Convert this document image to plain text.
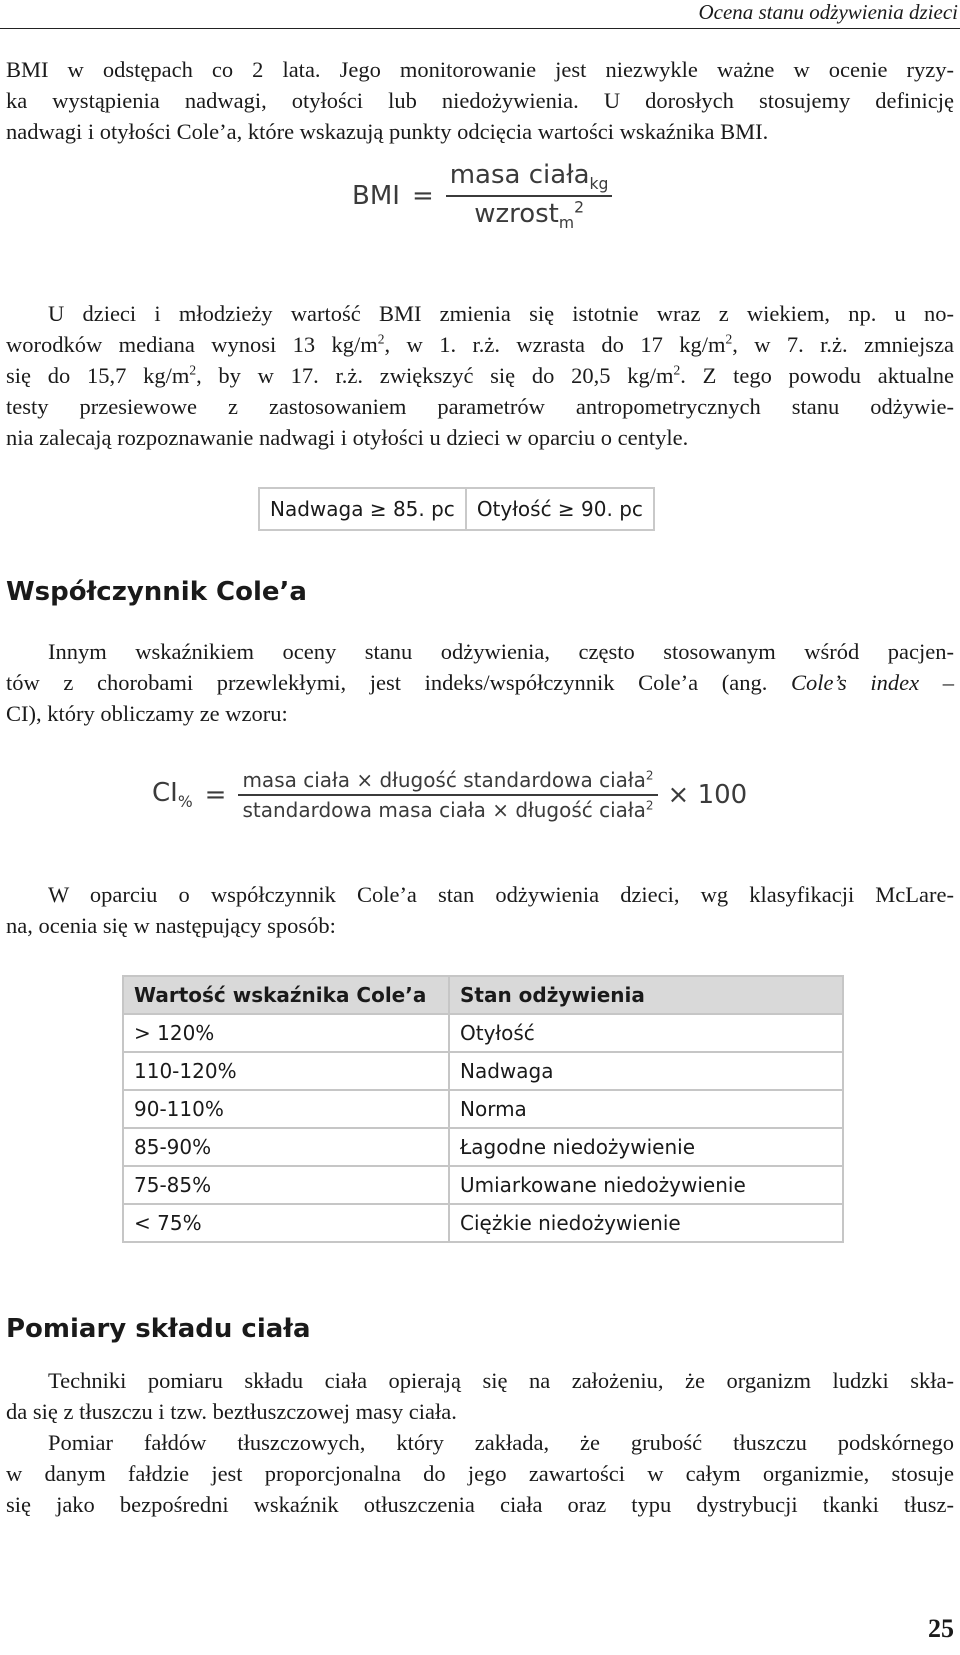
Ocena stanu odżywienia dzieci
BMI w odstępach co 2 lata. Jego monitorowanie jest niezwykle ważne w ocenie ryzy-
ka wystąpienia nadwagi, otyłości lub niedożywienia. U dorosłych stosujemy definicję
nadwagi i otyłości Cole’a, które wskazują punkty odcięcia wartości wskaźnika BMI.
BMI = $\frac{masa ciała_{kg}}{wzrost_m^2}$
U dzieci i młodzieży wartość BMI zmienia się istotnie wraz z wiekiem, np. u no-
worodków mediana wynosi 13 $kg/m^2$, w 1. r.ż. wzrasta do 17 $kg/m^2$, w 7. r.ż. zmniejsza
się do 15,7 $kg/m^2$, by w 17. r.ż. zwiększyć się do 20,5 $kg/m^2$. Z tego powodu aktualne
testy przesiewowe z zastosowaniem parametrów antropometrycznych stanu odżywie-
nia zalecają rozpoznawanie nadwagi i otyłości u dzieci w oparciu o centyle.
Nadwaga ≥ 85. pc	Otyłość ≥ 90. pc
Współczynnik Cole’a
Innym wskaźnikiem oceny stanu odżywienia, często stosowanym wśród pacjen-
tów z chorobami przewlekłymi, jest indeks/współczynnik Cole’a (ang. Cole’s index –
CI), który obliczamy ze wzoru:
$CI_{\%} = \frac{masa ciała \times długość standardowa ciała^2}{standardowa masa ciała \times długość ciała^2} \times 100$
W oparciu o współczynnik Cole’a stan odżywienia dzieci, wg klasyfikacji McLare-
na, ocenia się w następujący sposób:
Wartość wskaźnika Cole’a	Stan odżywienia
> 120%	Otyłość
110-120%	Nadwaga
90-110%	Norma
85-90%	Łagodne niedożywienie
75-85%	Umiarkowane niedożywienie
< 75%	Ciężkie niedożywienie
Pomiary składu ciała
Techniki pomiaru składu ciała opierają się na założeniu, że organizm ludzki skła-
da się z tłuszczu i tzw. beztłuszczowej masy ciała.
Pomiar fałdów tłuszczowych, który zakłada, że grubość tłuszczu podskórnego
w danym fałdzie jest proporcjonalna do jego zawartości w całym organizmie, stosuje
się jako bezpośredni wskaźnik otłuszczenia ciała oraz typu dystrybucji tkanki tłusz-
25
